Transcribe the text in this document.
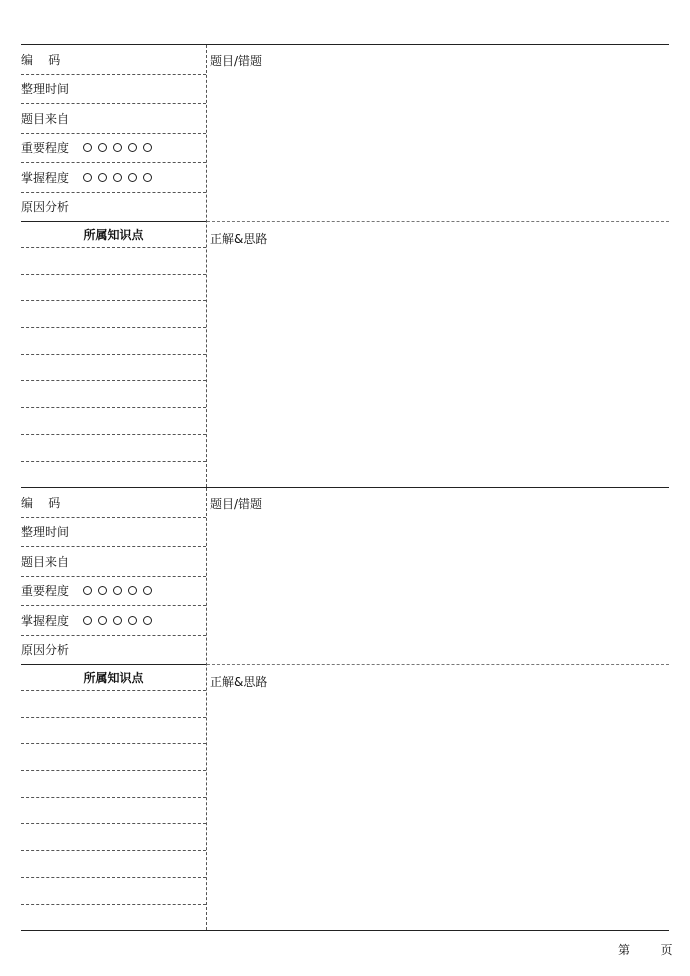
编    码
整理时间
题目来自
重要程度
掌握程度
原因分析
所属知识点
题目/错题
正解&思路
编    码
整理时间
题目来自
重要程度
掌握程度
原因分析
所属知识点
题目/错题
正解&思路
第        页
